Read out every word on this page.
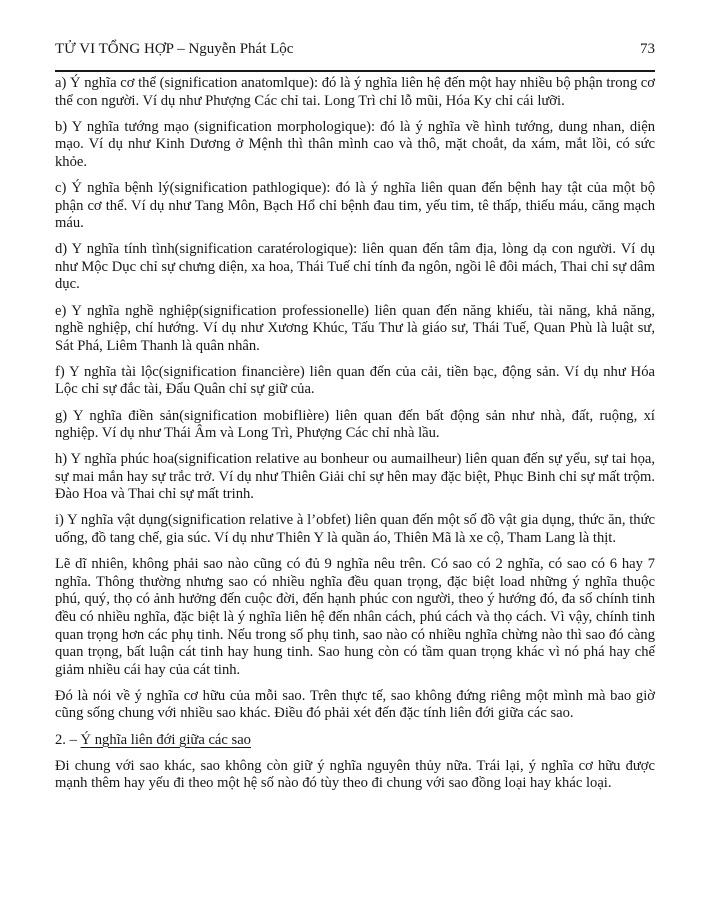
TỬ VI TỔNG HỢP – Nguyễn Phát Lộc	73

a) Ý nghĩa cơ thể (signification anatomlque): đó là ý nghĩa liên hệ đến một hay nhiều bộ phận trong cơ thể con người. Ví dụ như Phượng Các chỉ tai. Long Trì chỉ lỗ mũi, Hóa Ky chỉ cái lưỡi.

b) Y nghĩa tướng mạo (signification morphologique): đó là ý nghĩa về hình tướng, dung nhan, diện mạo. Ví dụ như Kinh Dương ở Mệnh thì thân mình cao và thô, mặt choắt, da xám, mắt lồi, có sức khỏe.

c) Ý nghĩa bệnh lý(signification pathlogique): đó là ý nghĩa liên quan đến bệnh hay tật của một bộ phận cơ thể. Ví dụ như Tang Môn, Bạch Hổ chỉ bệnh đau tim, yếu tim, tê thấp, thiếu máu, căng mạch máu.

d) Y nghĩa tính tình(signification caratérologique): liên quan đến tâm địa, lòng dạ con người. Ví dụ như Mộc Dục chỉ sự chưng diện, xa hoa, Thái Tuế chỉ tính đa ngôn, ngồi lê đôi mách, Thai chỉ sự dâm dục.

e) Y nghĩa nghề nghiệp(signification professionelle) liên quan đến năng khiếu, tài năng, khả năng, nghề nghiệp, chí hướng. Ví dụ như Xương Khúc, Tấu Thư là giáo sư, Thái Tuế, Quan Phù là luật sư, Sát Phá, Liêm Thanh là quân nhân.

f) Y nghĩa tài lộc(signification financière) liên quan đến của cải, tiền bạc, động sản. Ví dụ như Hóa Lộc chỉ sự đắc tài, Đẩu Quân chỉ sự giữ của.

g) Y nghĩa điền sản(signification mobiflière) liên quan đến bất động sản như nhà, đất, ruộng, xí nghiệp. Ví dụ như Thái Âm và Long Trì, Phượng Các chỉ nhà lầu.

h) Y nghĩa phúc hoa(signification relative au bonheur ou aumailheur) liên quan đến sự yểu, sự tai họa, sự mai mắn hay sự trắc trở. Ví dụ như Thiên Giải chỉ sự hên may đặc biệt, Phục Binh chỉ sự mất trộm. Đào Hoa và Thai chỉ sự mất trinh.

i) Y nghĩa vật dụng(signification relative à l’obfet) liên quan đến một số đồ vật gia dụng, thức ăn, thức uống, đồ tang chế, gia súc. Ví dụ như Thiên Y là quần áo, Thiên Mã là xe cộ, Tham Lang là thịt.

Lẽ dĩ nhiên, không phải sao nào cũng có đủ 9 nghĩa nêu trên. Có sao có 2 nghĩa, có sao có 6 hay 7 nghĩa. Thông thường nhưng sao có nhiều nghĩa đều quan trọng, đặc biệt load những ý nghĩa thuộc phú, quý, thọ có ảnh hưởng đến cuộc đời, đến hạnh phúc con người, theo ý hướng đó, đa số chính tinh đều có nhiều nghĩa, đặc biệt là ý nghĩa liên hệ đến nhân cách, phú cách và thọ cách. Vì vậy, chính tinh quan trọng hơn các phụ tinh. Nếu trong số phụ tinh, sao nào có nhiều nghĩa chừng nào thì sao đó càng quan trọng, bất luận cát tinh hay hung tinh. Sao hung còn có tầm quan trọng khác vì nó phá hay chế giảm nhiều cái hay của cát tinh.

Đó là nói về ý nghĩa cơ hữu của mỗi sao. Trên thực tế, sao không đứng riêng một mình mà bao giờ cũng sống chung với nhiều sao khác. Điều đó phải xét đến đặc tính liên đới giữa các sao.

2. – Ý nghĩa liên đới giữa các sao

Đi chung với sao khác, sao không còn giữ ý nghĩa nguyên thủy nữa. Trái lại, ý nghĩa cơ hữu được mạnh thêm hay yếu đi theo một hệ số nào đó tùy theo đi chung với sao đồng loại hay khác loại.
